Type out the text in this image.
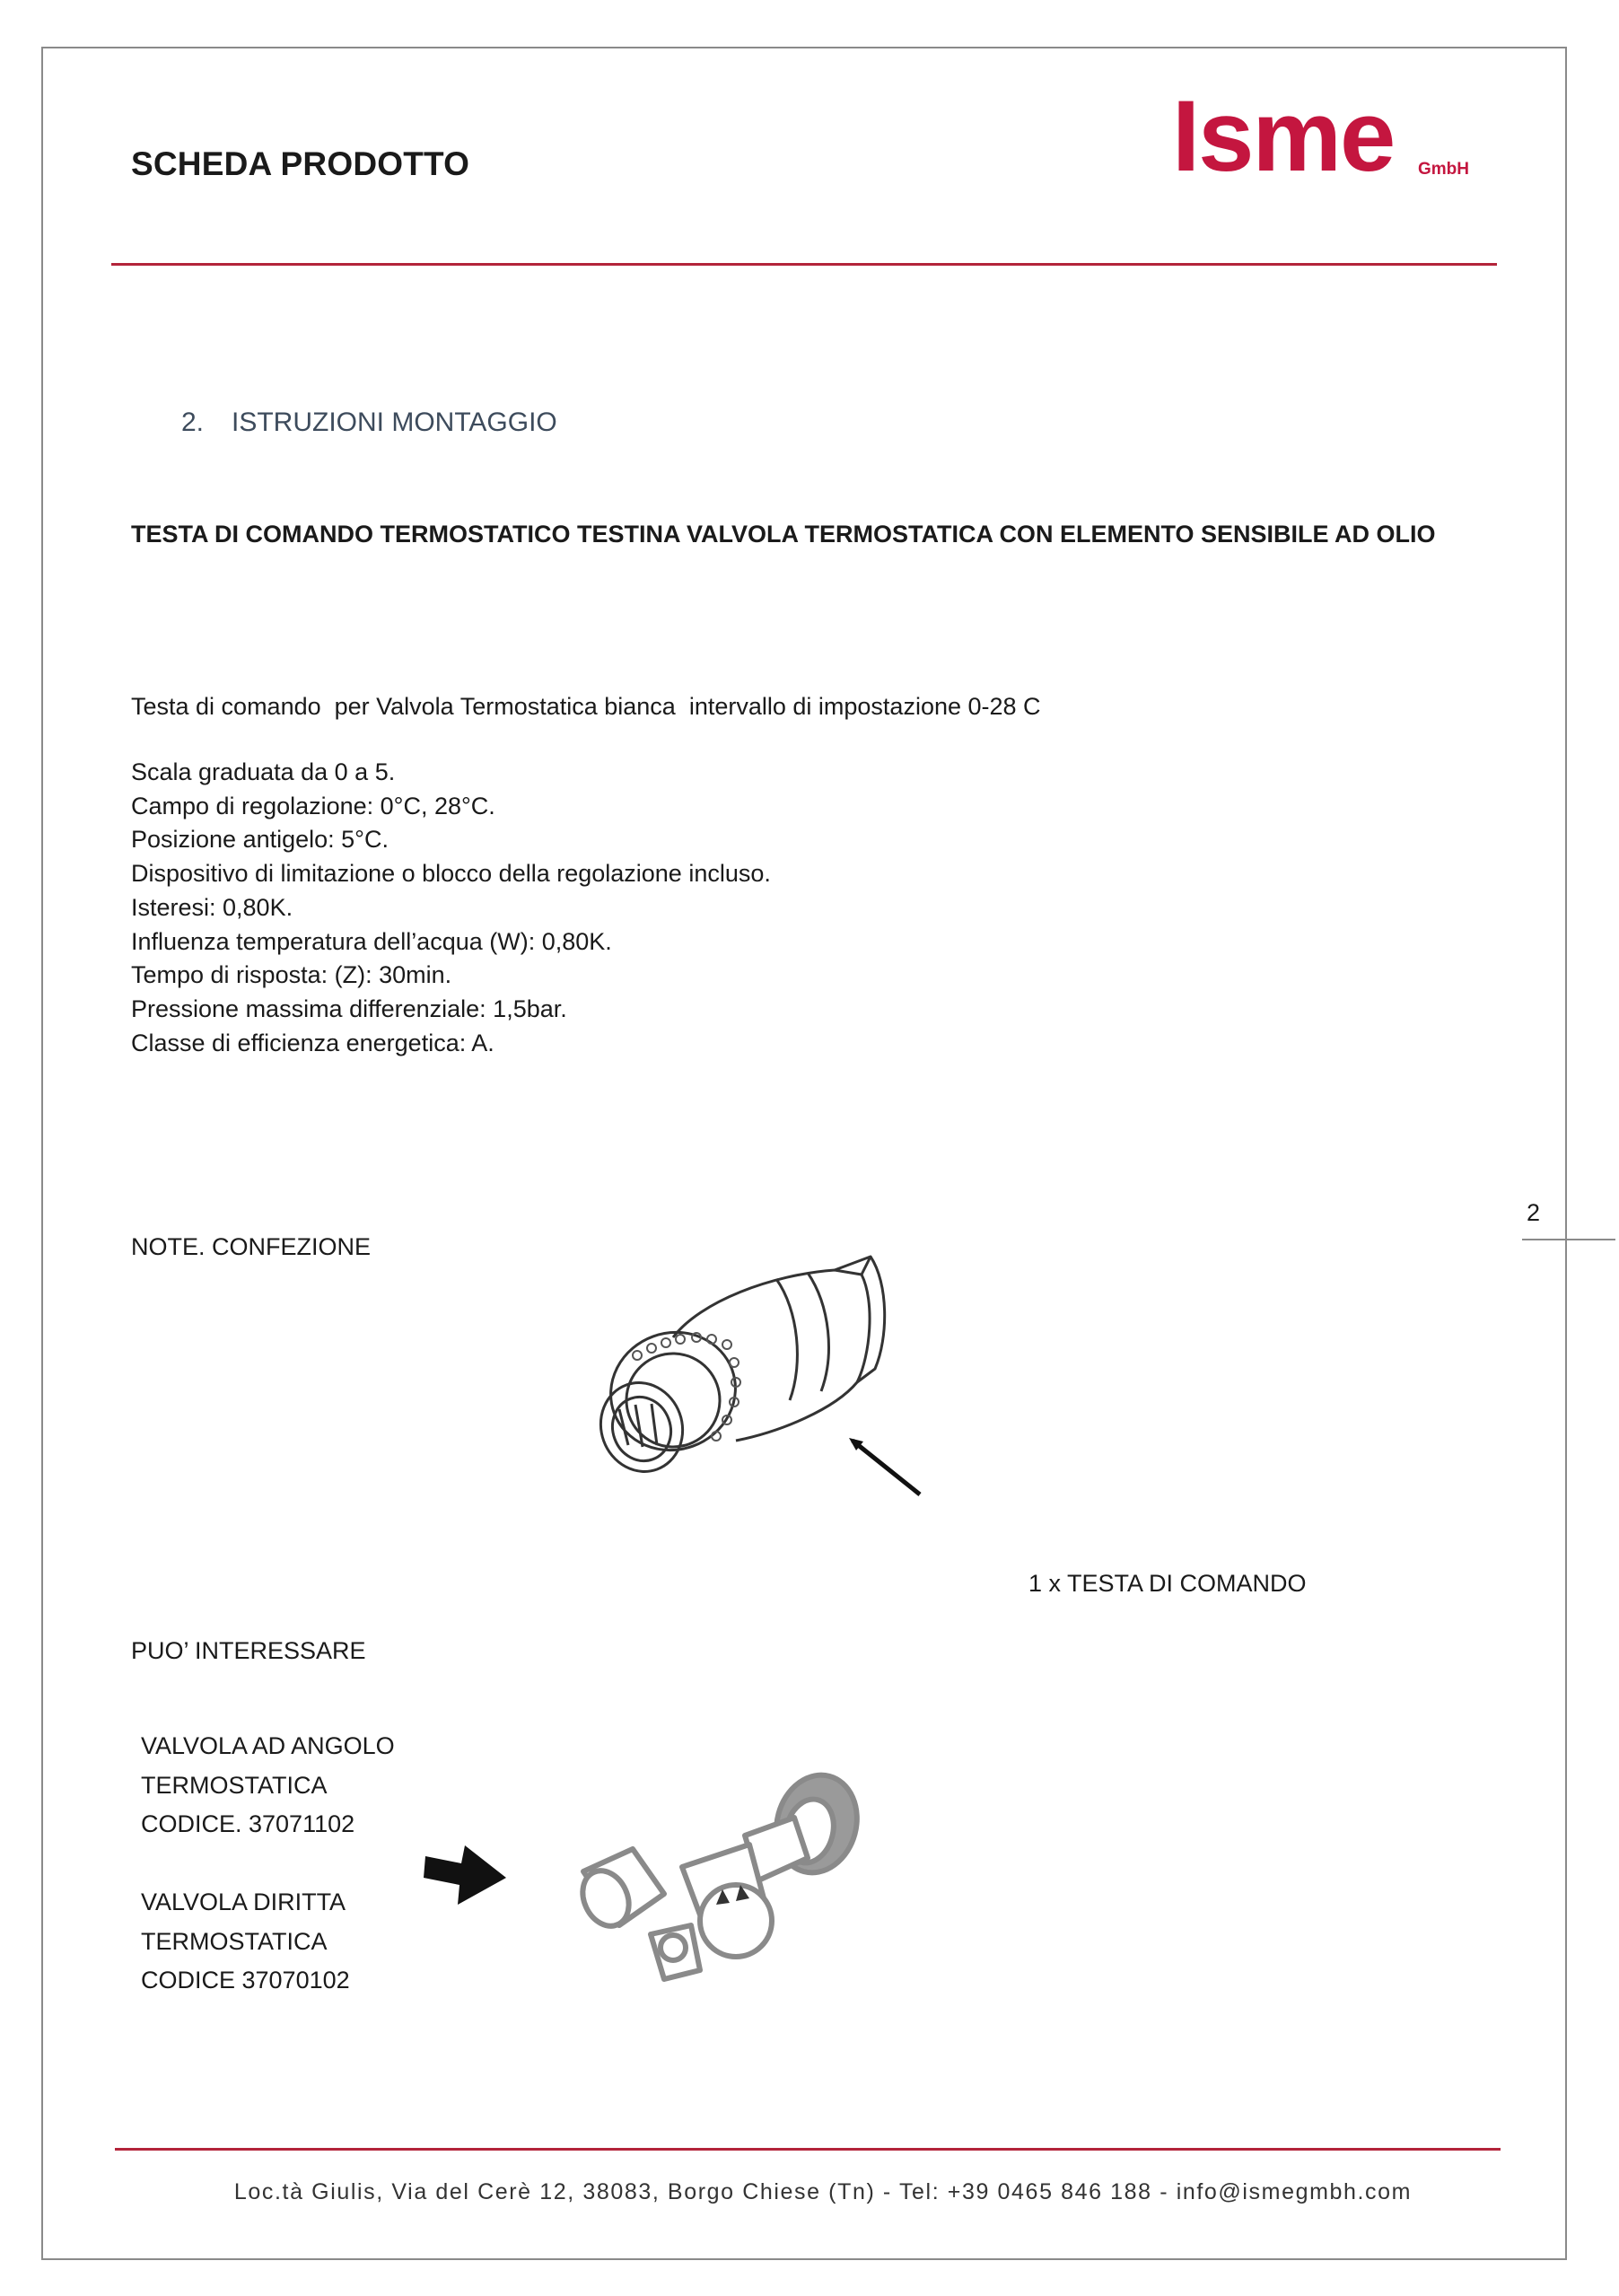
SCHEDA PRODOTTO	Isme GmbH
2. ISTRUZIONI MONTAGGIO
TESTA DI COMANDO TERMOSTATICO TESTINA VALVOLA TERMOSTATICA CON ELEMENTO SENSIBILE AD OLIO
Testa di comando  per Valvola Termostatica bianca  intervallo di impostazione 0-28 C
Scala graduata da 0 a 5.
Campo di regolazione: 0°C, 28°C.
Posizione antigelo: 5°C.
Dispositivo di limitazione o blocco della regolazione incluso.
Isteresi: 0,80K.
Influenza temperatura dell’acqua (W): 0,80K.
Tempo di risposta: (Z): 30min.
Pressione massima differenziale: 1,5bar.
Classe di efficienza energetica: A.
2
NOTE. CONFEZIONE
1 x TESTA DI COMANDO
PUO’ INTERESSARE
VALVOLA AD ANGOLO
TERMOSTATICA
CODICE. 37071102
VALVOLA DIRITTA
TERMOSTATICA
CODICE 37070102
Loc.tà Giulis, Via del Cerè 12, 38083, Borgo Chiese (Tn) - Tel: +39 0465 846 188 - info@ismegmbh.com
